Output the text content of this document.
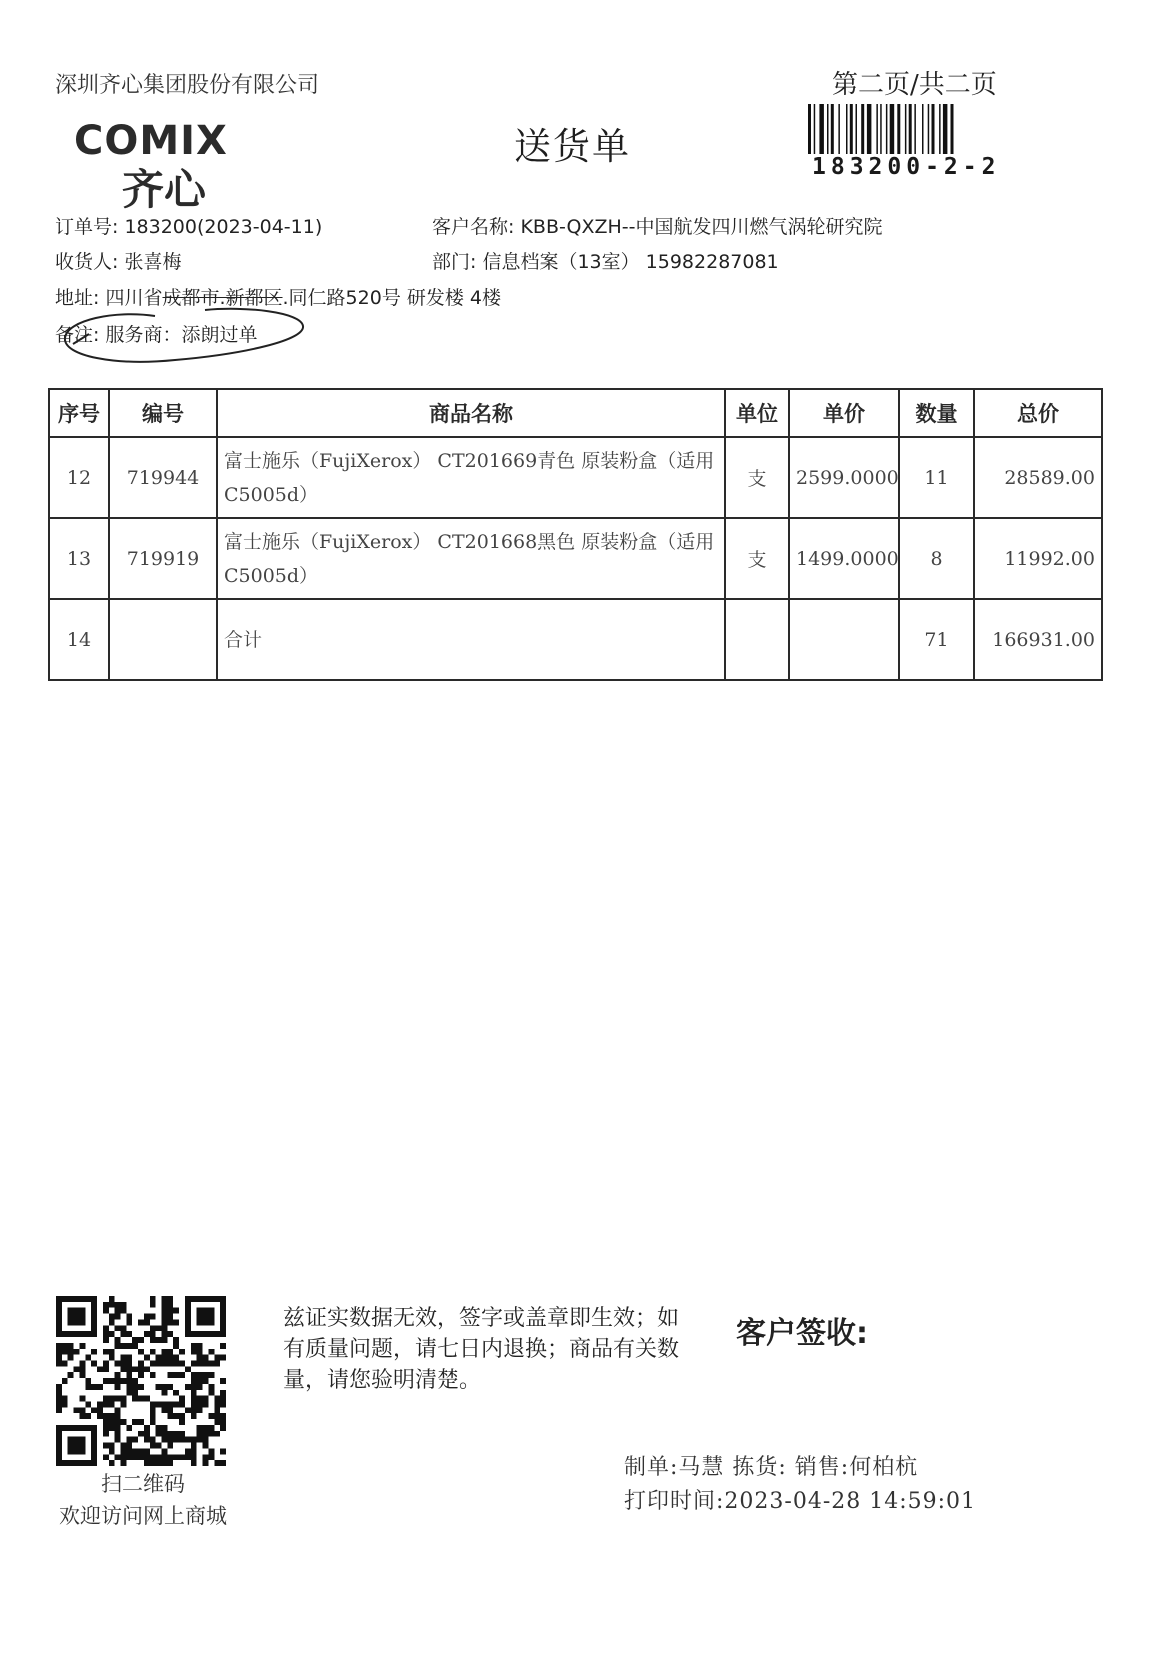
深圳齐心集团股份有限公司	第二页/共二页
COMIX
齐心
送货单	183200-2-2
订单号: 183200(2023-04-11)	客户名称: KBB-QXZH--中国航发四川燃气涡轮研究院
收货人: 张喜梅	部门: 信息档案（13室） 15982287081
地址: 四川省成都市.新都区.同仁路520号 研发楼 4楼
备注: 服务商：添朗过单
序号	编号	商品名称	单位	单价	数量	总价
12	719944	富士施乐（FujiXerox） CT201669青色 原装粉盒（适用C5005d）	支	2599.0000	11	28589.00
13	719919	富士施乐（FujiXerox） CT201668黑色 原装粉盒（适用C5005d）	支	1499.0000	8	11992.00
14		合计			71	166931.00
扫二维码
欢迎访问网上商城
兹证实数据无效，签字或盖章即生效；如有质量问题，请七日内退换；商品有关数量，请您验明清楚。
客户签收:
制单:马慧 拣货: 销售:何柏杭
打印时间:2023-04-28 14:59:01
